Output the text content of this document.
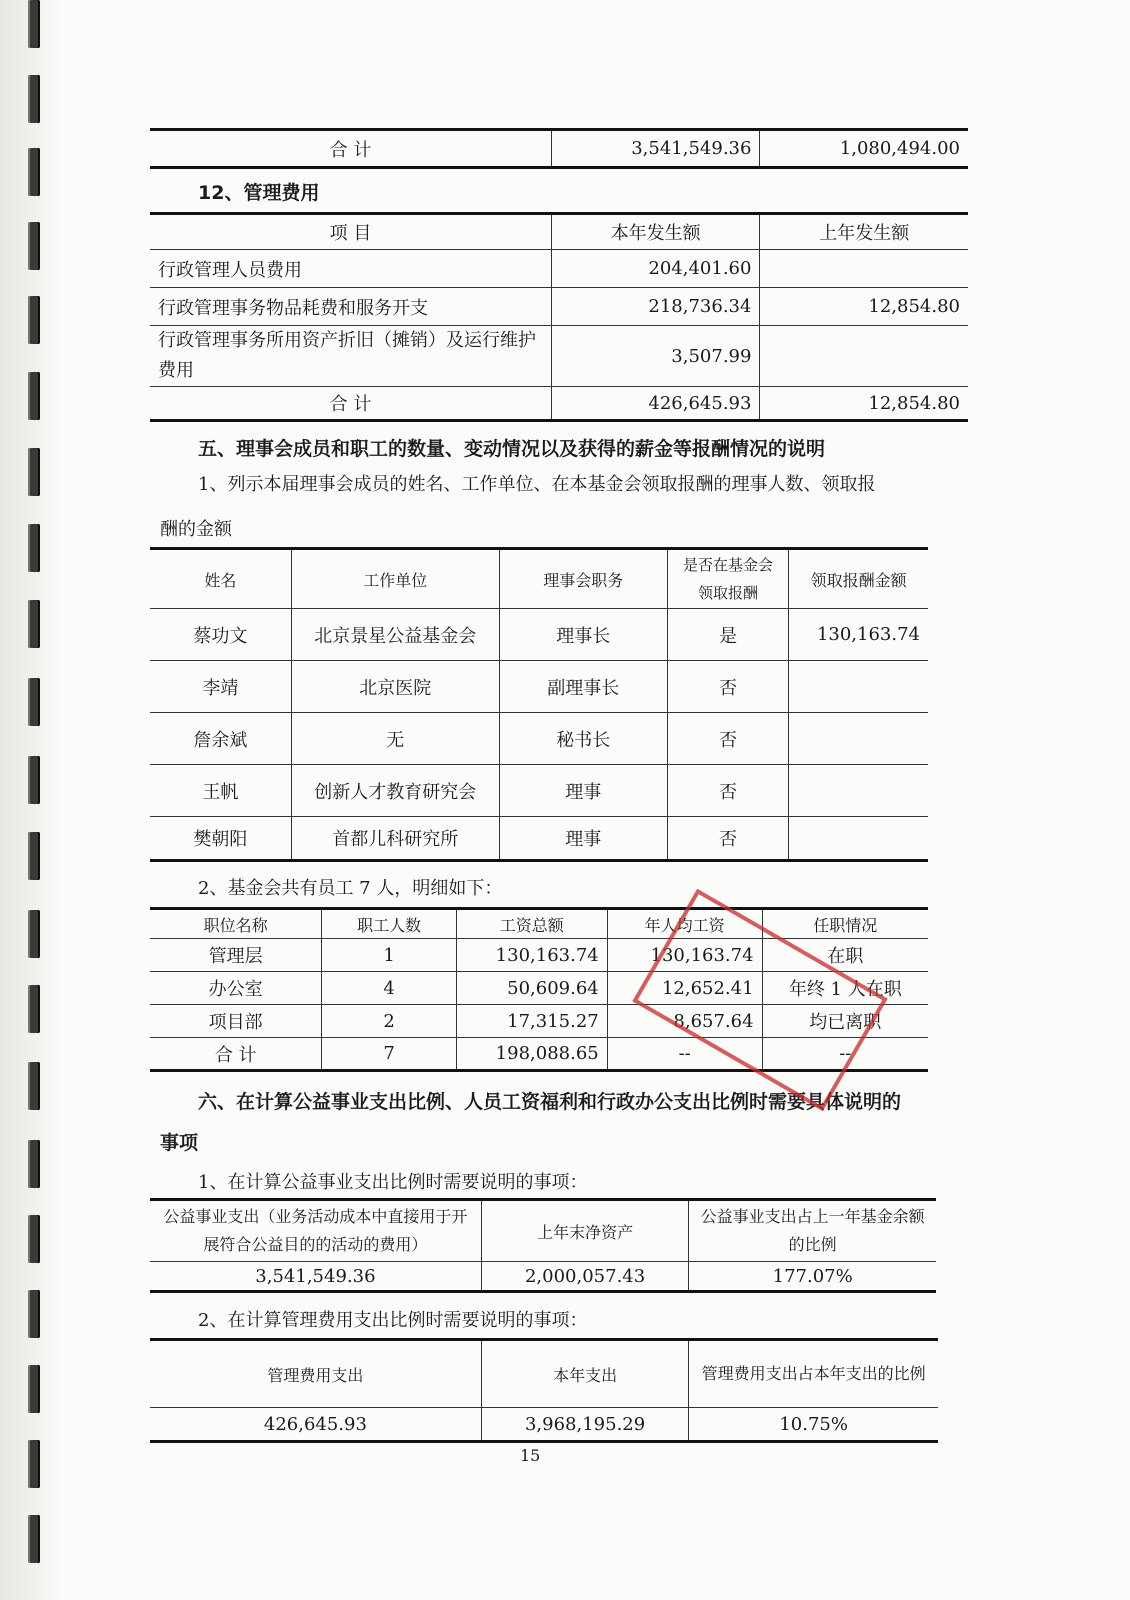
合 计	3,541,549.36	1,080,494.00
12、管理费用
项 目	本年发生额	上年发生额
行政管理人员费用	204,401.60	
行政管理事务物品耗费和服务开支	218,736.34	12,854.80
行政管理事务所用资产折旧（摊销）及运行维护费用	3,507.99	
合 计	426,645.93	12,854.80
五、理事会成员和职工的数量、变动情况以及获得的薪金等报酬情况的说明
1、列示本届理事会成员的姓名、工作单位、在本基金会领取报酬的理事人数、领取报
酬的金额
姓名	工作单位	理事会职务	是否在基金会领取报酬	领取报酬金额
蔡功文	北京景星公益基金会	理事长	是	130,163.74
李靖	北京医院	副理事长	否	
詹余斌	无	秘书长	否	
王帆	创新人才教育研究会	理事	否	
樊朝阳	首都儿科研究所	理事	否	
2、基金会共有员工 7 人，明细如下：
职位名称	职工人数	工资总额	年人均工资	任职情况
管理层	1	130,163.74	130,163.74	在职
办公室	4	50,609.64	12,652.41	年终 1 人在职
项目部	2	17,315.27	8,657.64	均已离职
合 计	7	198,088.65	--	--
六、在计算公益事业支出比例、人员工资福利和行政办公支出比例时需要具体说明的
事项
1、在计算公益事业支出比例时需要说明的事项：
公益事业支出（业务活动成本中直接用于开展符合公益目的的活动的费用）	上年末净资产	公益事业支出占上一年基金余额的比例
3,541,549.36	2,000,057.43	177.07%
2、在计算管理费用支出比例时需要说明的事项：
管理费用支出	本年支出	管理费用支出占本年支出的比例
426,645.93	3,968,195.29	10.75%
15
